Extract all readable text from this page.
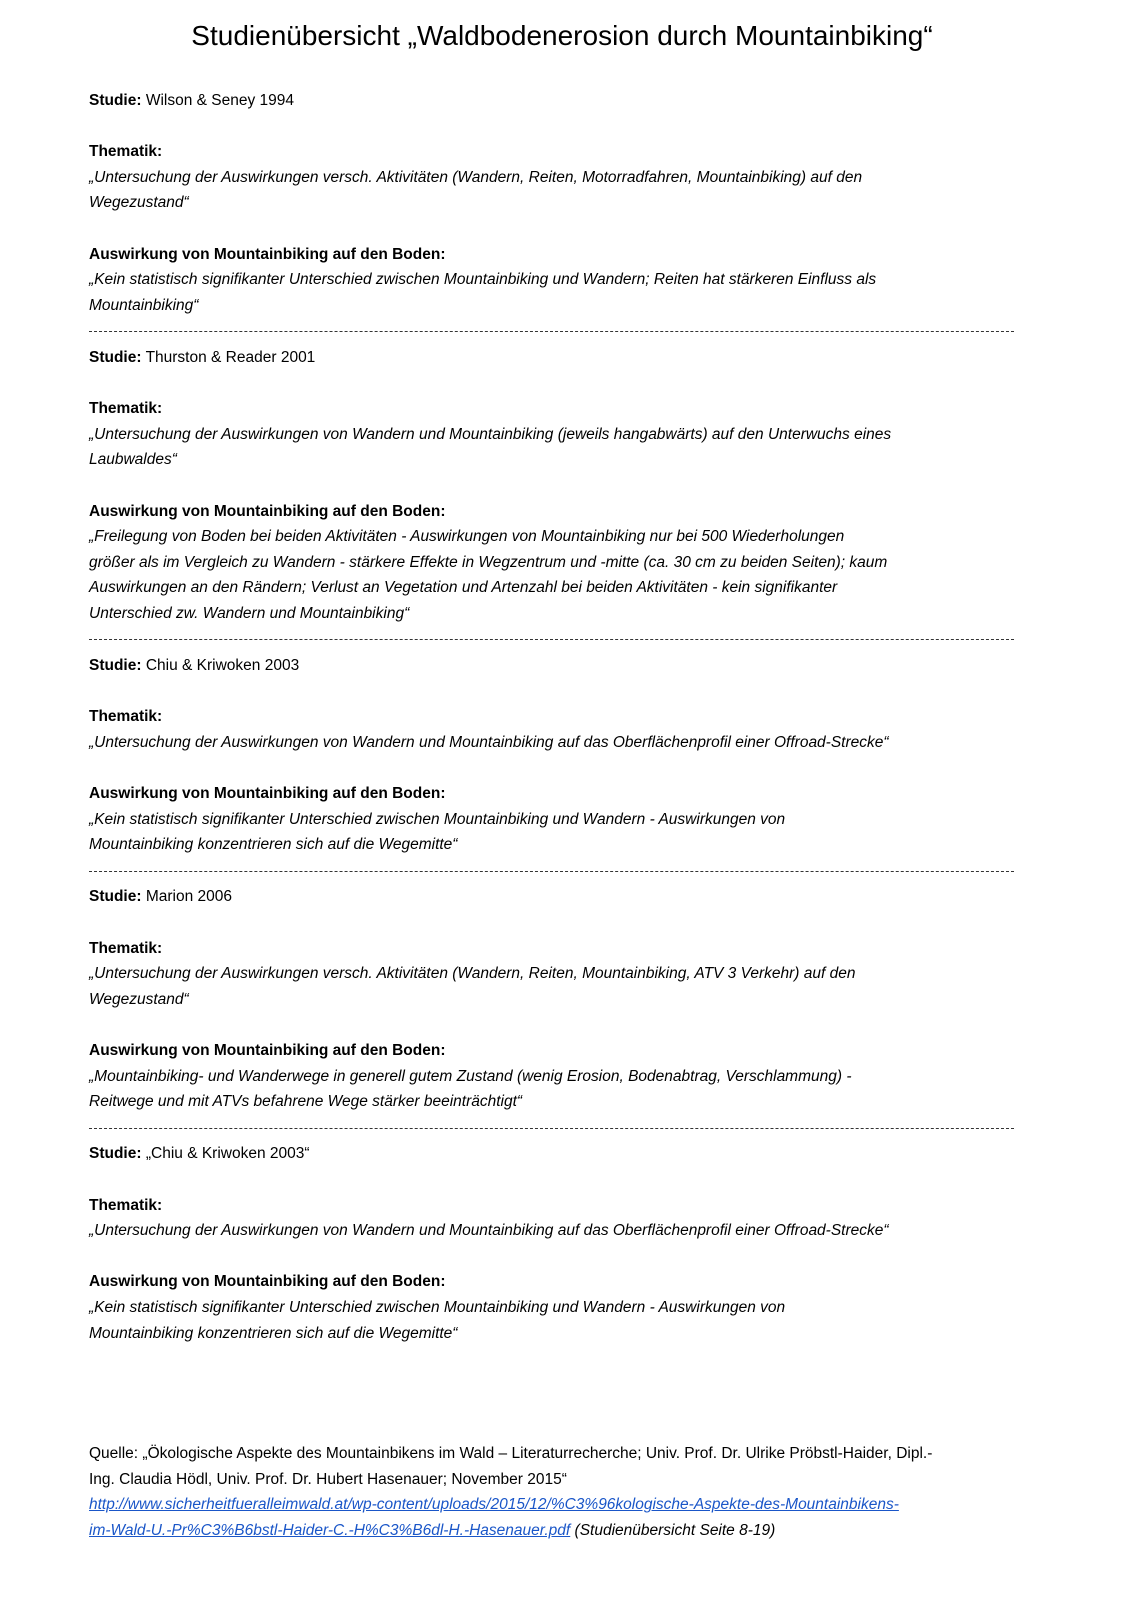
Studienübersicht „Waldbodenerosion durch Mountainbiking“
Studie: Wilson & Seney 1994
Thematik:
„Untersuchung der Auswirkungen versch. Aktivitäten (Wandern, Reiten, Motorradfahren, Mountainbiking) auf den
Wegezustand“
Auswirkung von Mountainbiking auf den Boden:
„Kein statistisch signifikanter Unterschied zwischen Mountainbiking und Wandern; Reiten hat stärkeren Einfluss als
Mountainbiking“
Studie: Thurston & Reader 2001
Thematik:
„Untersuchung der Auswirkungen von Wandern und Mountainbiking (jeweils hangabwärts) auf den Unterwuchs eines
Laubwaldes“
Auswirkung von Mountainbiking auf den Boden:
„Freilegung von Boden bei beiden Aktivitäten - Auswirkungen von Mountainbiking nur bei 500 Wiederholungen
größer als im Vergleich zu Wandern - stärkere Effekte in Wegzentrum und -mitte (ca. 30 cm zu beiden Seiten); kaum
Auswirkungen an den Rändern; Verlust an Vegetation und Artenzahl bei beiden Aktivitäten - kein signifikanter
Unterschied zw. Wandern und Mountainbiking“
Studie: Chiu & Kriwoken 2003
Thematik:
„Untersuchung der Auswirkungen von Wandern und Mountainbiking auf das Oberflächenprofil einer Offroad-Strecke“
Auswirkung von Mountainbiking auf den Boden:
„Kein statistisch signifikanter Unterschied zwischen Mountainbiking und Wandern - Auswirkungen von
Mountainbiking konzentrieren sich auf die Wegemitte“
Studie: Marion 2006
Thematik:
„Untersuchung der Auswirkungen versch. Aktivitäten (Wandern, Reiten, Mountainbiking, ATV 3 Verkehr) auf den
Wegezustand“
Auswirkung von Mountainbiking auf den Boden:
„Mountainbiking- und Wanderwege in generell gutem Zustand (wenig Erosion, Bodenabtrag, Verschlammung) -
Reitwege und mit ATVs befahrene Wege stärker beeinträchtigt“
Studie: „Chiu & Kriwoken 2003“
Thematik:
„Untersuchung der Auswirkungen von Wandern und Mountainbiking auf das Oberflächenprofil einer Offroad-Strecke“
Auswirkung von Mountainbiking auf den Boden:
„Kein statistisch signifikanter Unterschied zwischen Mountainbiking und Wandern - Auswirkungen von
Mountainbiking konzentrieren sich auf die Wegemitte“
Quelle: „Ökologische Aspekte des Mountainbikens im Wald – Literaturrecherche; Univ. Prof. Dr. Ulrike Pröbstl-Haider, Dipl.-
Ing. Claudia Hödl, Univ. Prof. Dr. Hubert Hasenauer; November 2015“
http://www.sicherheitfueralleimwald.at/wp-content/uploads/2015/12/%C3%96kologische-Aspekte-des-Mountainbikens-
im-Wald-U.-Pr%C3%B6bstl-Haider-C.-H%C3%B6dl-H.-Hasenauer.pdf (Studienübersicht Seite 8-19)
